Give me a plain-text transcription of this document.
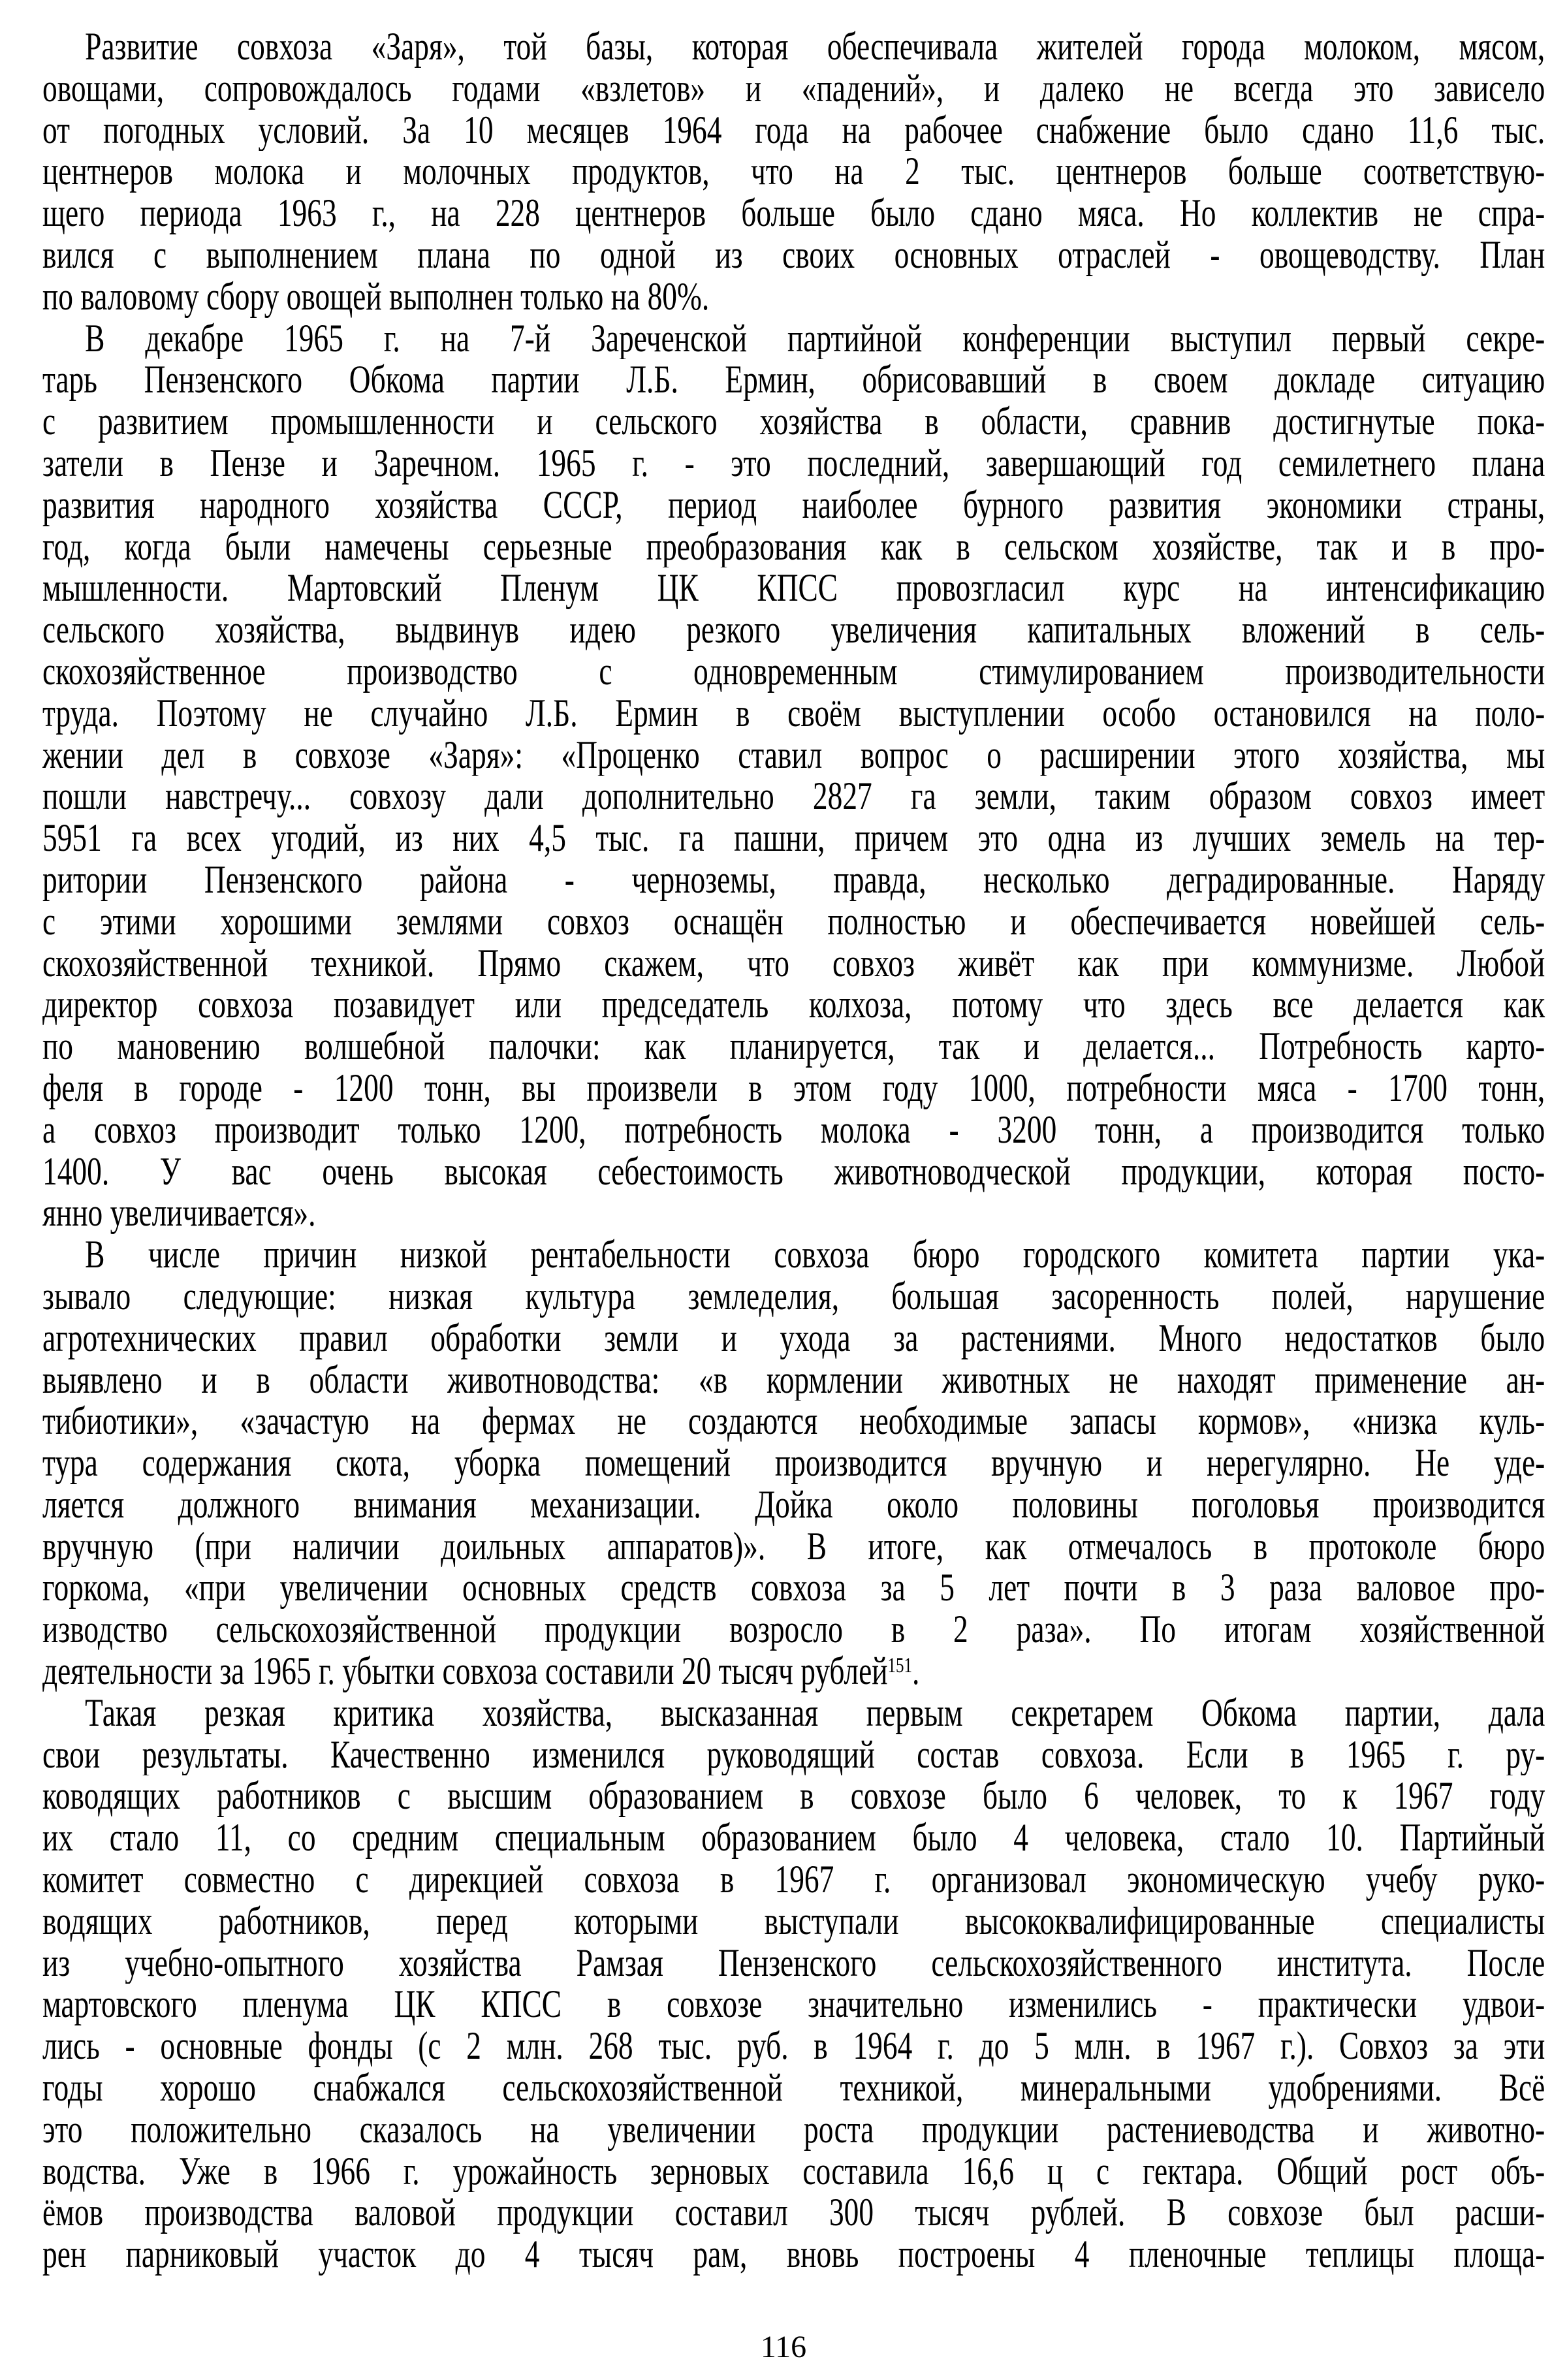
Развитие совхоза «Заря», той базы, которая обеспечивала жителей города молоком, мясом,
овощами, сопровождалось годами «взлетов» и «падений», и далеко не всегда это зависело
от погодных условий. За 10 месяцев 1964 года на рабочее снабжение было сдано 11,6 тыс.
центнеров молока и молочных продуктов, что на 2 тыс. центнеров больше соответствую-
щего периода 1963 г., на 228 центнеров больше было сдано мяса. Но коллектив не спра-
вился с выполнением плана по одной из своих основных отраслей - овощеводству. План
по валовому сбору овощей выполнен только на 80%.
В декабре 1965 г. на 7-й Зареченской партийной конференции выступил первый секре-
тарь Пензенского Обкома партии Л.Б. Ермин, обрисовавший в своем докладе ситуацию
с развитием промышленности и сельского хозяйства в области, сравнив достигнутые пока-
затели в Пензе и Заречном. 1965 г. - это последний, завершающий год семилетнего плана
развития народного хозяйства СССР, период наиболее бурного развития экономики страны,
год, когда были намечены серьезные преобразования как в сельском хозяйстве, так и в про-
мышленности. Мартовский Пленум ЦК КПСС провозгласил курс на интенсификацию
сельского хозяйства, выдвинув идею резкого увеличения капитальных вложений в сель-
скохозяйственное производство с одновременным стимулированием производительности
труда. Поэтому не случайно Л.Б. Ермин в своём выступлении особо остановился на поло-
жении дел в совхозе «Заря»: «Проценко ставил вопрос о расширении этого хозяйства, мы
пошли навстречу... совхозу дали дополнительно 2827 га земли, таким образом совхоз имеет
5951 га всех угодий, из них 4,5 тыс. га пашни, причем это одна из лучших земель на тер-
ритории Пензенского района - черноземы, правда, несколько деградированные. Наряду
с этими хорошими землями совхоз оснащён полностью и обеспечивается новейшей сель-
скохозяйственной техникой. Прямо скажем, что совхоз живёт как при коммунизме. Любой
директор совхоза позавидует или председатель колхоза, потому что здесь все делается как
по мановению волшебной палочки: как планируется, так и делается... Потребность карто-
феля в городе - 1200 тонн, вы произвели в этом году 1000, потребности мяса - 1700 тонн,
а совхоз производит только 1200, потребность молока - 3200 тонн, а производится только
1400. У вас очень высокая себестоимость животноводческой продукции, которая посто-
янно увеличивается».
В числе причин низкой рентабельности совхоза бюро городского комитета партии ука-
зывало следующие: низкая культура земледелия, большая засоренность полей, нарушение
агротехнических правил обработки земли и ухода за растениями. Много недостатков было
выявлено и в области животноводства: «в кормлении животных не находят применение ан-
тибиотики», «зачастую на фермах не создаются необходимые запасы кормов», «низка куль-
тура содержания скота, уборка помещений производится вручную и нерегулярно. Не уде-
ляется должного внимания механизации. Дойка около половины поголовья производится
вручную (при наличии доильных аппаратов)». В итоге, как отмечалось в протоколе бюро
горкома, «при увеличении основных средств совхоза за 5 лет почти в 3 раза валовое про-
изводство сельскохозяйственной продукции возросло в 2 раза». По итогам хозяйственной
деятельности за 1965 г. убытки совхоза составили 20 тысяч рублей$^{151}$.
Такая резкая критика хозяйства, высказанная первым секретарем Обкома партии, дала
свои результаты. Качественно изменился руководящий состав совхоза. Если в 1965 г. ру-
ководящих работников с высшим образованием в совхозе было 6 человек, то к 1967 году
их стало 11, со средним специальным образованием было 4 человека, стало 10. Партийный
комитет совместно с дирекцией совхоза в 1967 г. организовал экономическую учебу руко-
водящих работников, перед которыми выступали высококвалифицированные специалисты
из учебно-опытного хозяйства Рамзая Пензенского сельскохозяйственного института. После
мартовского пленума ЦК КПСС в совхозе значительно изменились - практически удвои-
лись - основные фонды (с 2 млн. 268 тыс. руб. в 1964 г. до 5 млн. в 1967 г.). Совхоз за эти
годы хорошо снабжался сельскохозяйственной техникой, минеральными удобрениями. Всё
это положительно сказалось на увеличении роста продукции растениеводства и животно-
водства. Уже в 1966 г. урожайность зерновых составила 16,6 ц с гектара. Общий рост объ-
ёмов производства валовой продукции составил 300 тысяч рублей. В совхозе был расши-
рен парниковый участок до 4 тысяч рам, вновь построены 4 пленочные теплицы площа-
116
